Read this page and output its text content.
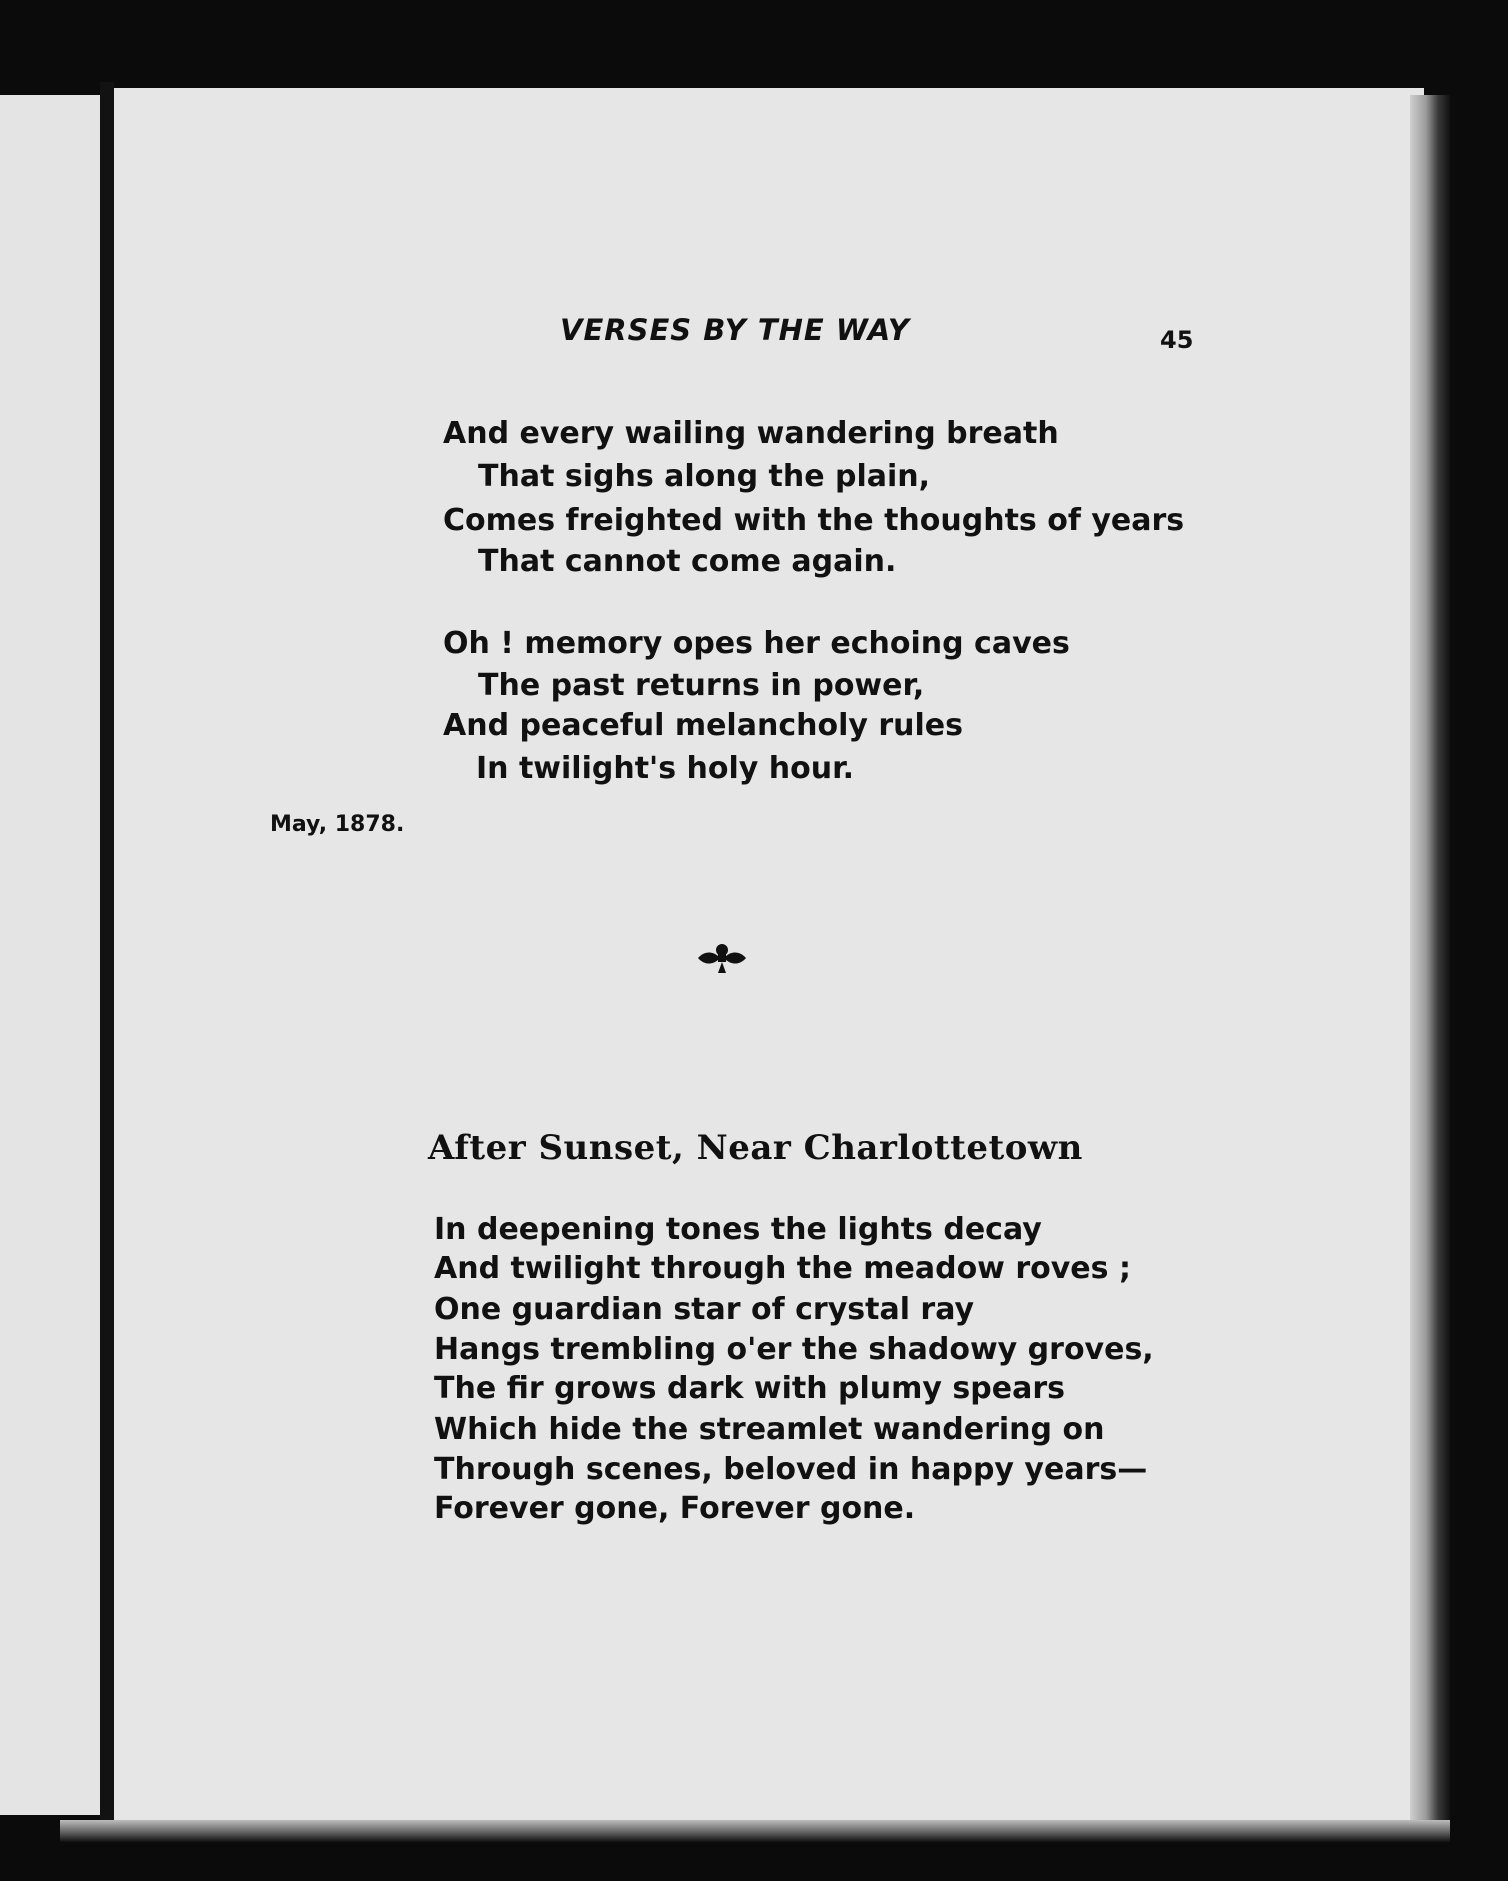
VERSES BY THE WAY	45
And every wailing wandering breath
That sighs along the plain,
Comes freighted with the thoughts of years
That cannot come again.
Oh ! memory opes her echoing caves
The past returns in power,
And peaceful melancholy rules
In twilight's holy hour.
May, 1878.
After Sunset, Near Charlottetown
In deepening tones the lights decay
And twilight through the meadow roves ;
One guardian star of crystal ray
Hangs trembling o'er the shadowy groves,
The fir grows dark with plumy spears
Which hide the streamlet wandering on
Through scenes, beloved in happy years—
Forever gone, Forever gone.
